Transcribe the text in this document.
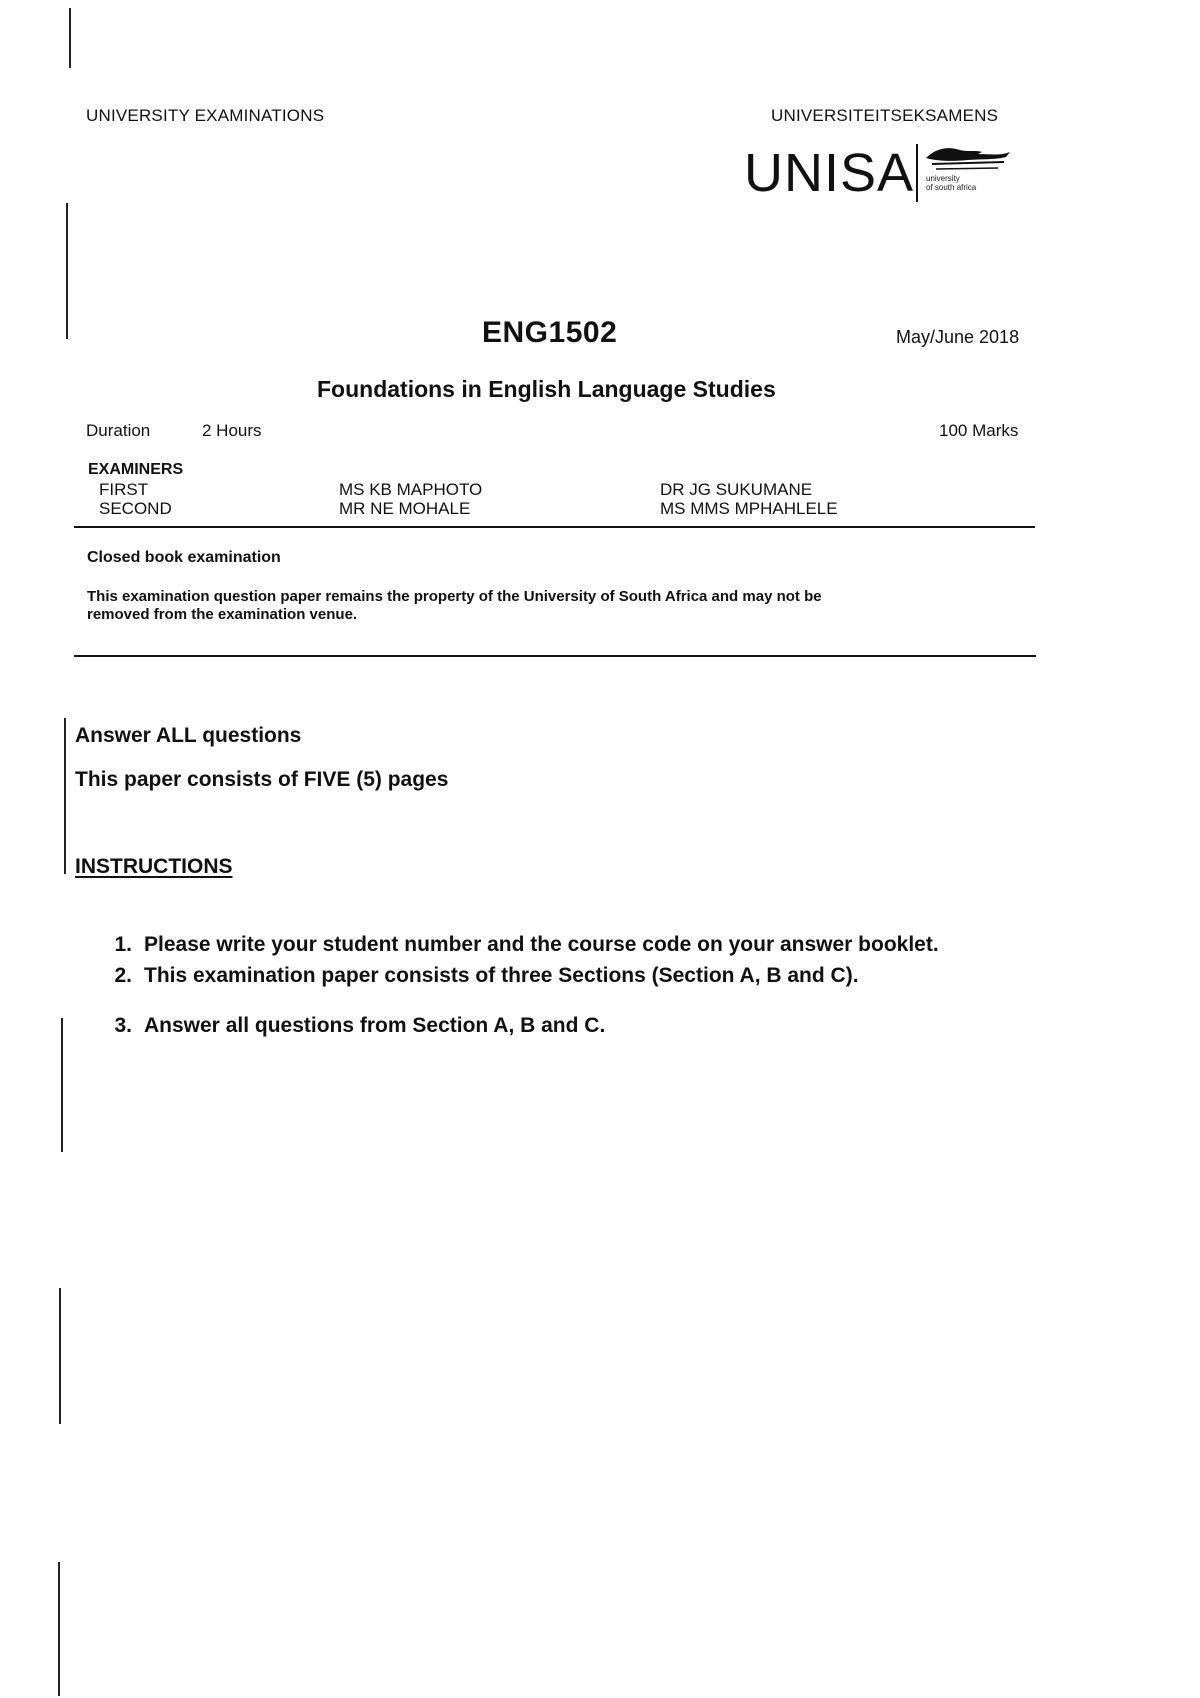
UNIVERSITY EXAMINATIONS	UNIVERSITEITSEKSAMENS
UNISA university
of south africa
ENG1502	May/June 2018
Foundations in English Language Studies
Duration	2 Hours	100 Marks
EXAMINERS
FIRST	MS KB MAPHOTO	DR JG SUKUMANE
SECOND	MR NE MOHALE	MS MMS MPHAHLELE
Closed book examination
This examination question paper remains the property of the University of South Africa and may not be
removed from the examination venue.
Answer ALL questions
This paper consists of FIVE (5) pages
INSTRUCTIONS
1. Please write your student number and the course code on your answer booklet.
2. This examination paper consists of three Sections (Section A, B and C).
3. Answer all questions from Section A, B and C.
